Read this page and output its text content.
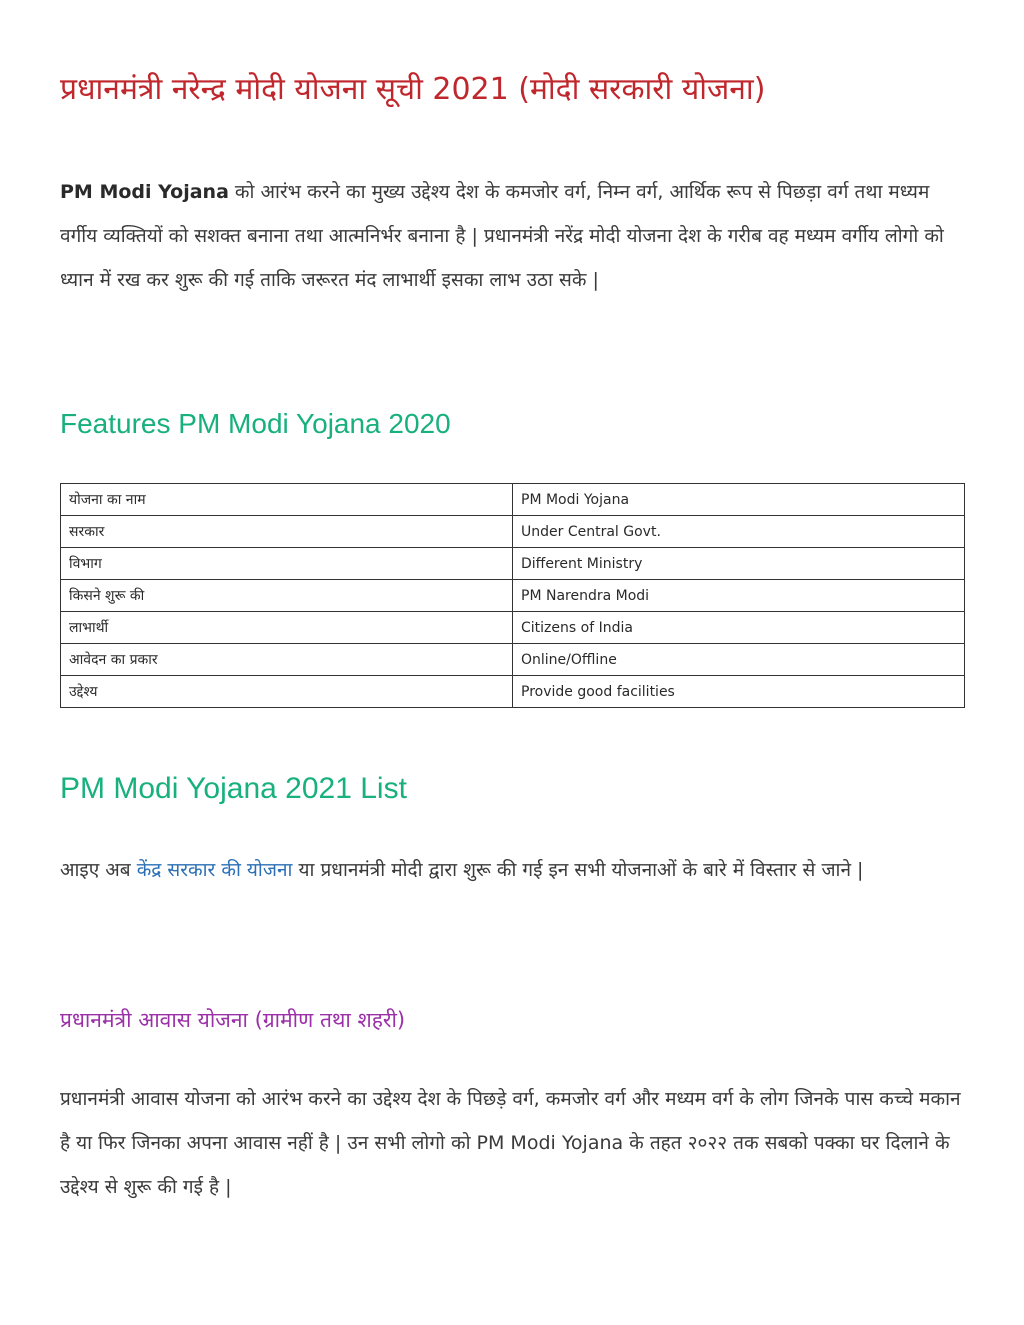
प्रधानमंत्री नरेन्द्र मोदी योजना सूची 2021 (मोदी सरकारी योजना)

PM Modi Yojana को आरंभ करने का मुख्य उद्देश्य देश के कमजोर वर्ग, निम्न वर्ग, आर्थिक रूप से पिछड़ा वर्ग तथा मध्यम वर्गीय व्यक्तियों को सशक्त बनाना तथा आत्मनिर्भर बनाना है | प्रधानमंत्री नरेंद्र मोदी योजना देश के गरीब वह मध्यम वर्गीय लोगो को ध्यान में रख कर शुरू की गई ताकि जरूरत मंद लाभार्थी इसका लाभ उठा सके |

Features PM Modi Yojana 2020
योजना का नाम	PM Modi Yojana
सरकार	Under Central Govt.
विभाग	Different Ministry
किसने शुरू की	PM Narendra Modi
लाभार्थी	Citizens of India
आवेदन का प्रकार	Online/Offline
उद्देश्य	Provide good facilities
PM Modi Yojana 2021 List

आइए अब केंद्र सरकार की योजना या प्रधानमंत्री मोदी द्वारा शुरू की गई इन सभी योजनाओं के बारे में विस्तार से जाने |

प्रधानमंत्री आवास योजना (ग्रामीण तथा शहरी)

प्रधानमंत्री आवास योजना को आरंभ करने का उद्देश्य देश के पिछड़े वर्ग, कमजोर वर्ग और मध्यम वर्ग के लोग जिनके पास कच्चे मकान है या फिर जिनका अपना आवास नहीं है | उन सभी लोगो को PM Modi Yojana के तहत २०२२ तक सबको पक्का घर दिलाने के उद्देश्य से शुरू की गई है |
